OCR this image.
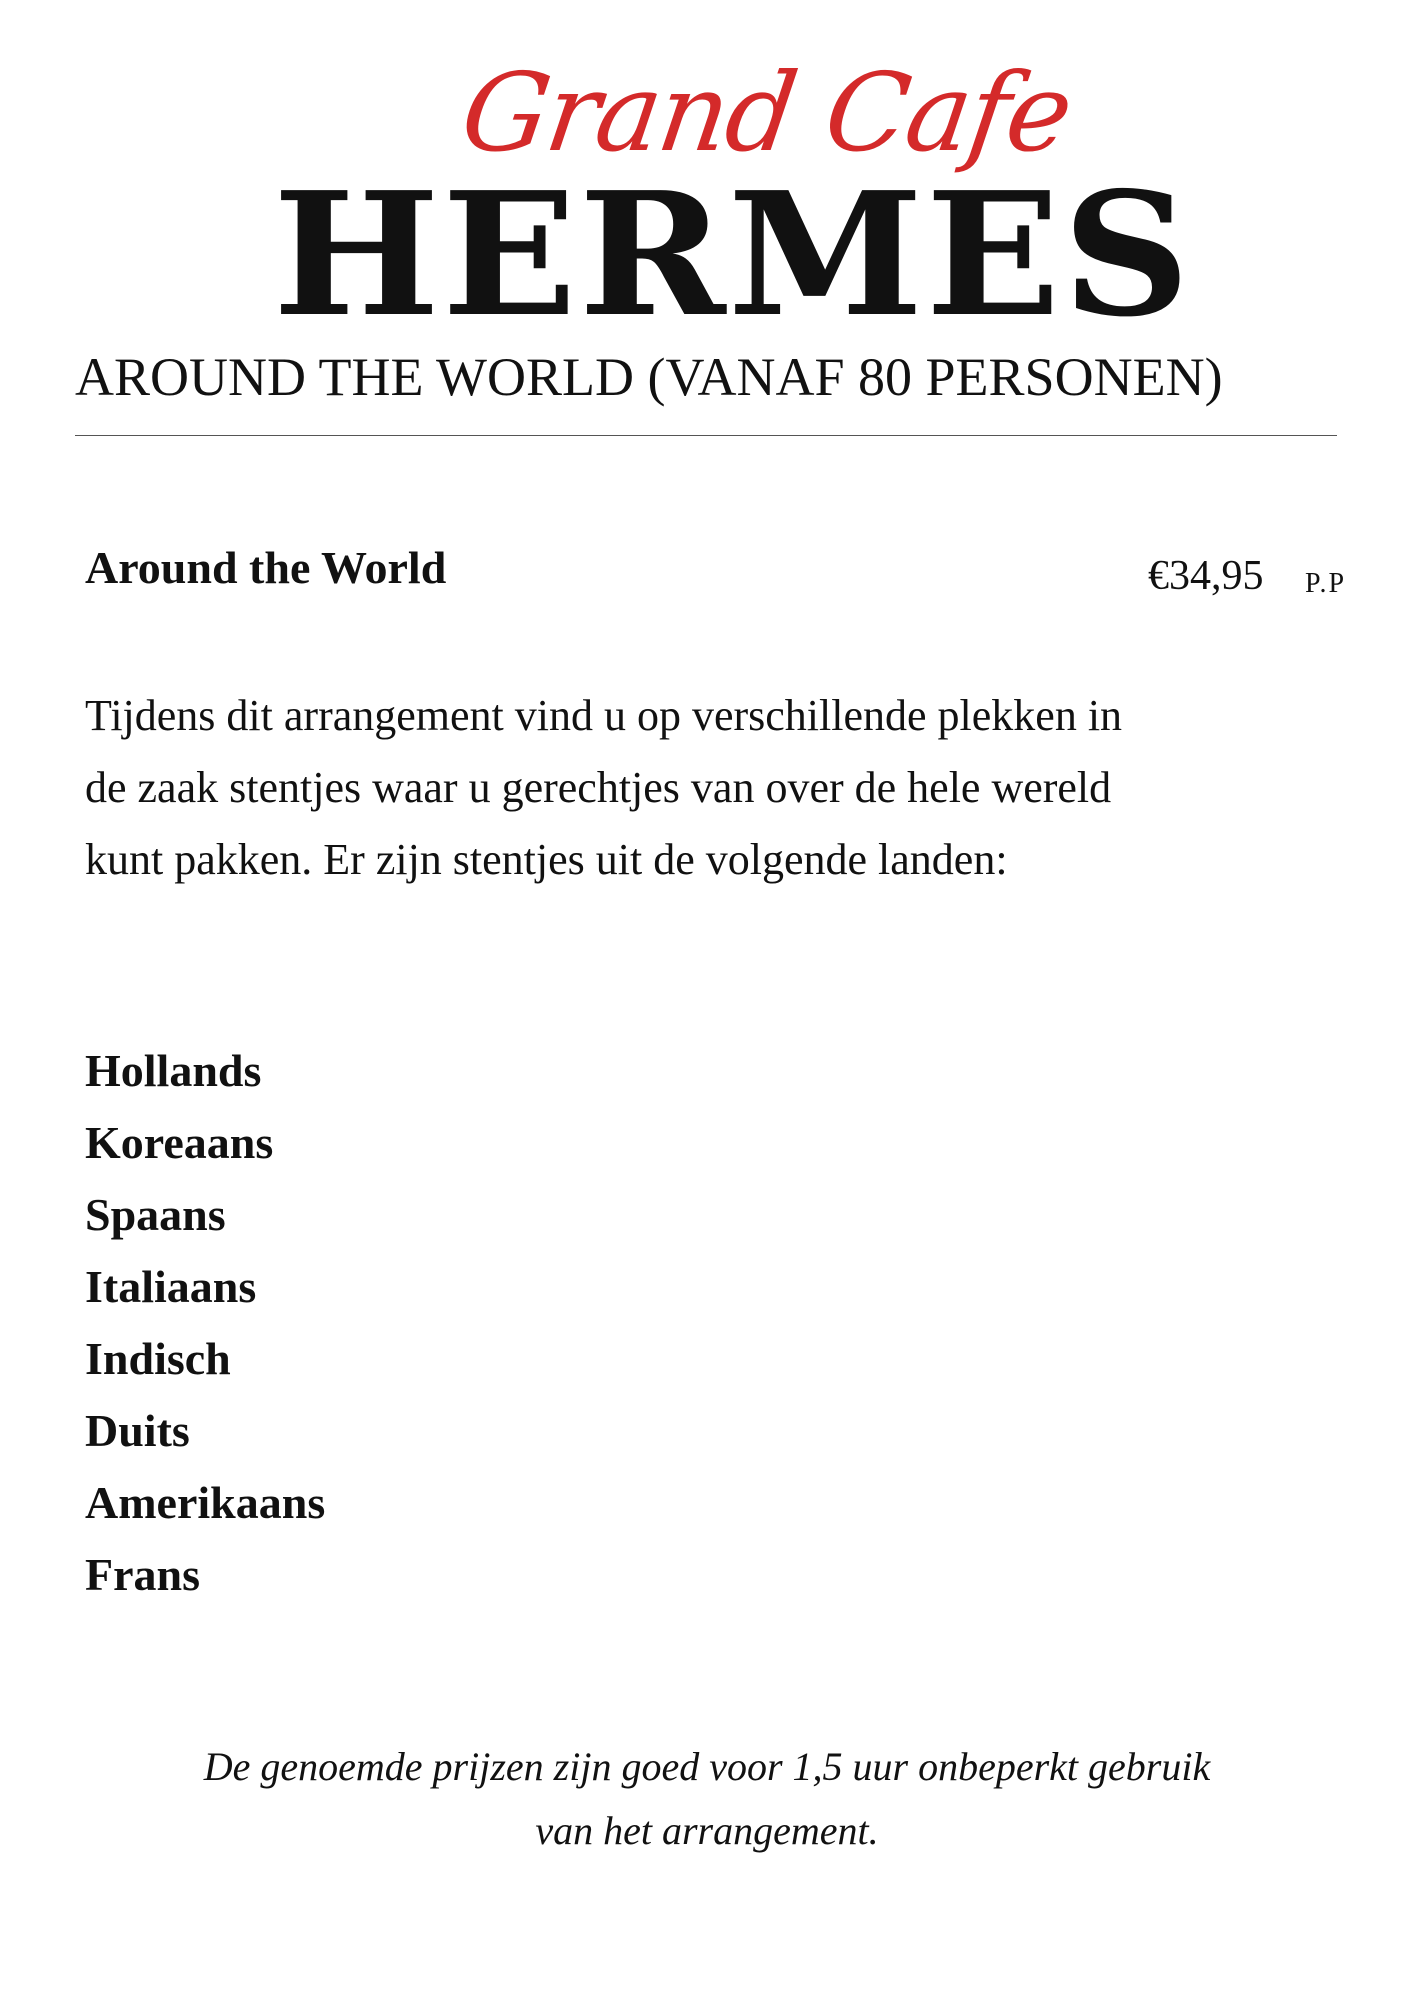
Grand Cafe
HERMES
AROUND THE WORLD (VANAF 80 PERSONEN)
Around the World	€34,95 P.P

Tijdens dit arrangement vind u op verschillende plekken in de zaak stentjes waar u gerechtjes van over de hele wereld kunt pakken. Er zijn stentjes uit de volgende landen:

Hollands
Koreaans
Spaans
Italiaans
Indisch
Duits
Amerikaans
Frans
De genoemde prijzen zijn goed voor 1,5 uur onbeperkt gebruik
van het arrangement.
